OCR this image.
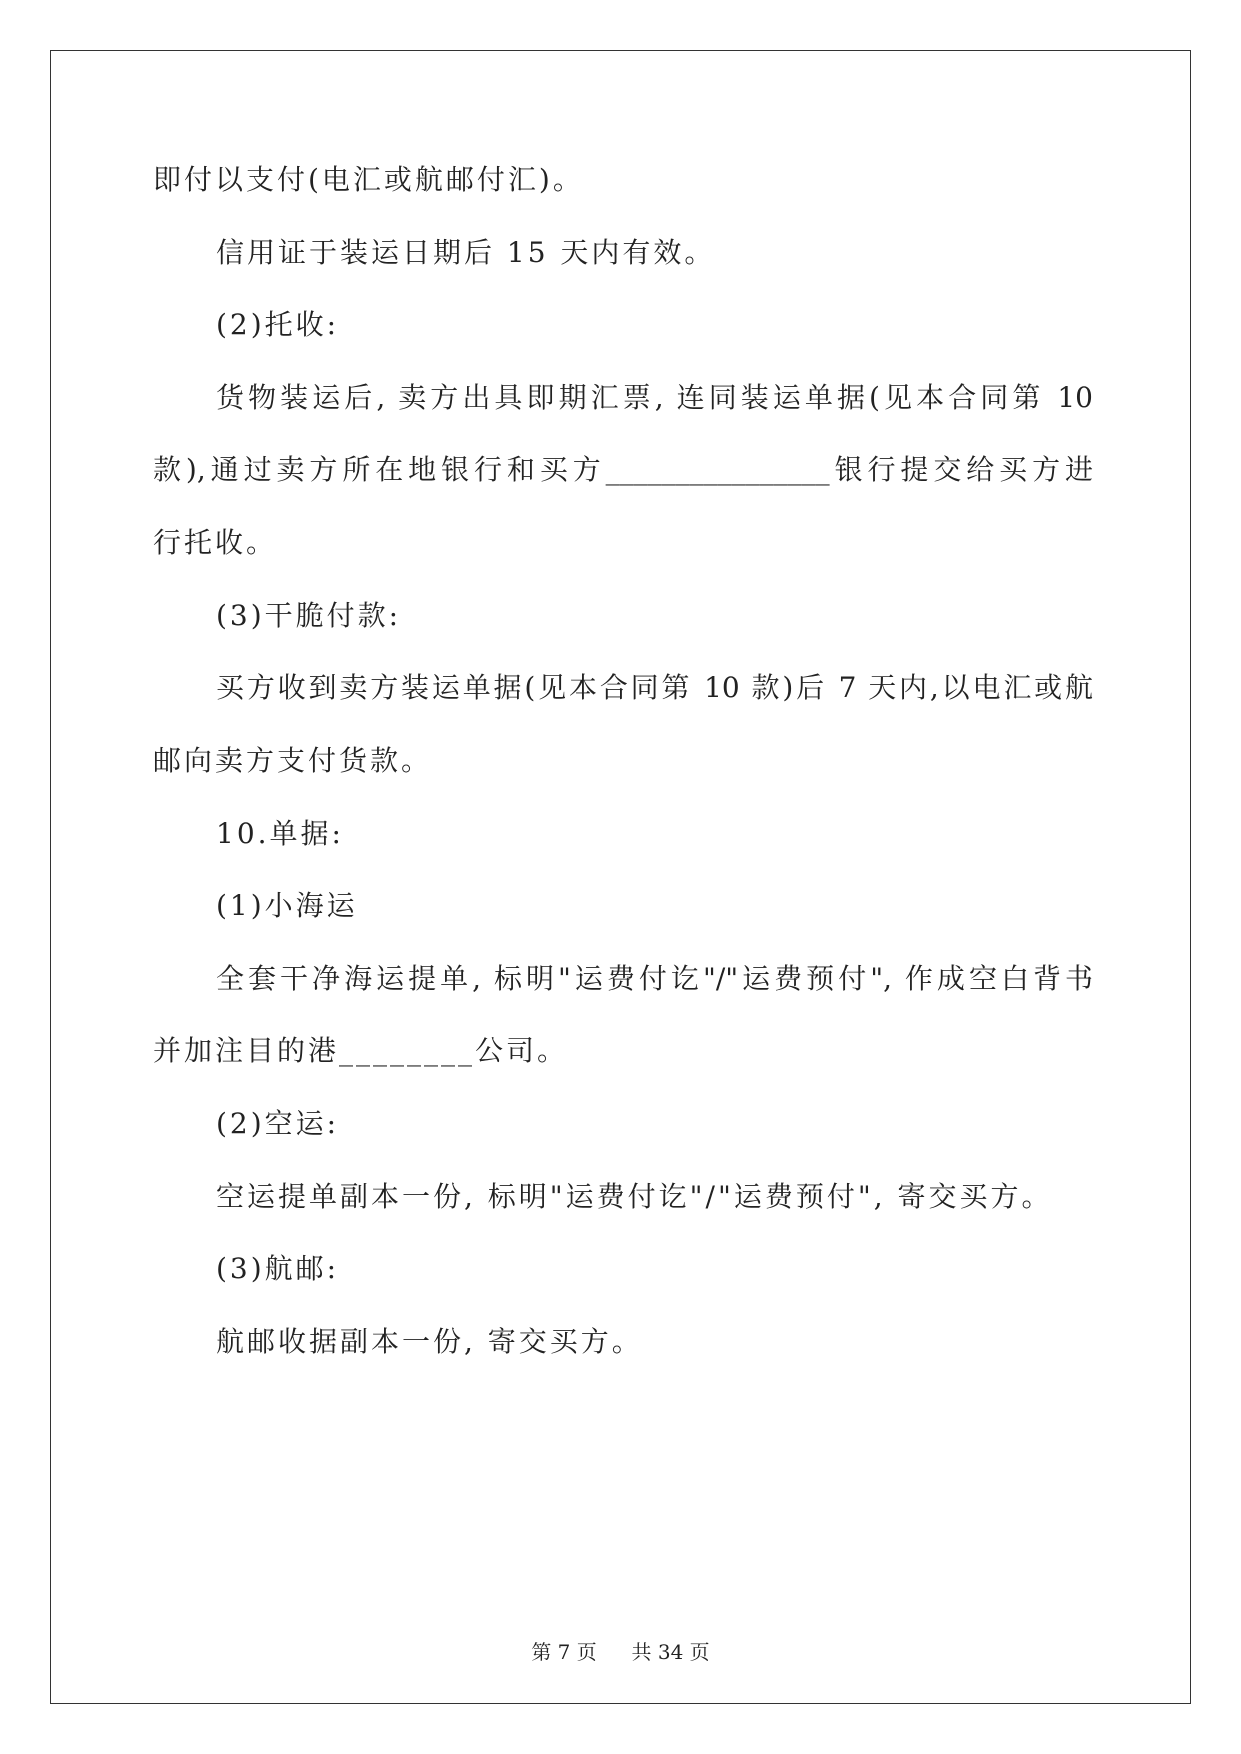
即付以支付(电汇或航邮付汇)。
信用证于装运日期后 15 天内有效。
(2)托收:
货物装运后, 卖方出具即期汇票, 连同装运单据(见本合同第 10
款),通过卖方所在地银行和买方________________银行提交给买方进
行托收。
(3)干脆付款:
买方收到卖方装运单据(见本合同第 10 款)后 7 天内,以电汇或航
邮向卖方支付货款。
10.单据:
(1)小海运
全套干净海运提单, 标明"运费付讫"/"运费预付", 作成空白背书
并加注目的港________公司。
(2)空运:
空运提单副本一份, 标明"运费付讫"/"运费预付", 寄交买方。
(3)航邮:
航邮收据副本一份, 寄交买方。
第 7 页 共 34 页
